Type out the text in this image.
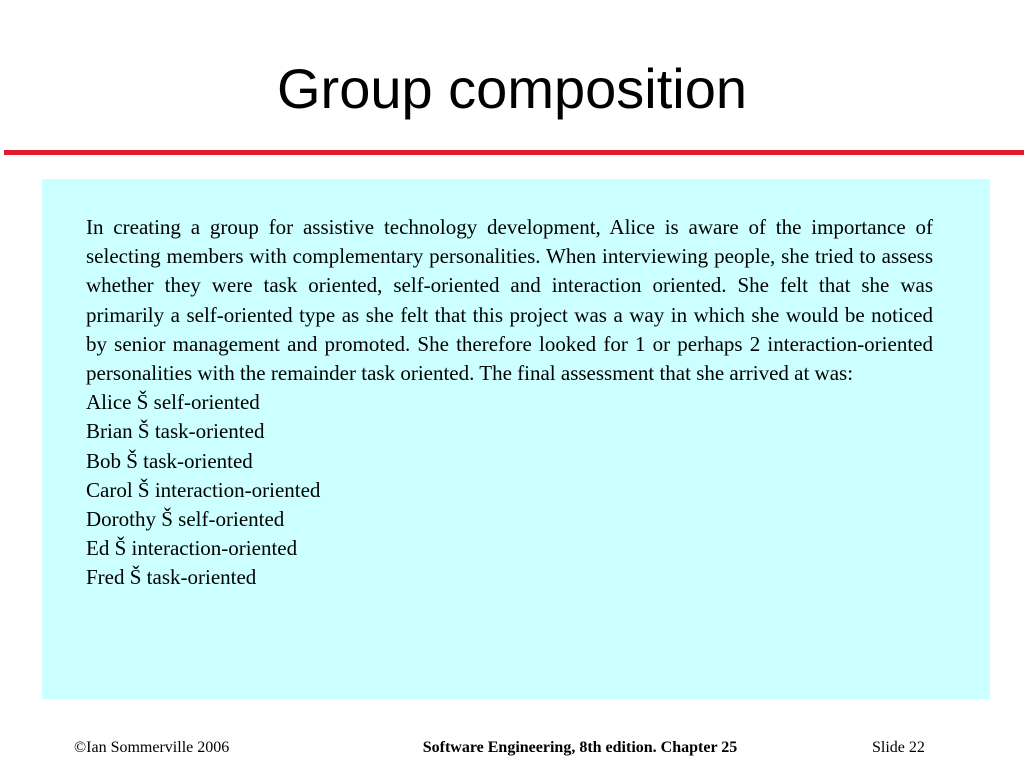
Group composition

In creating a group for assistive technology development, Alice is aware of the importance of selecting members with complementary personalities. When interviewing people, she tried to assess whether they were task oriented, self-oriented and interaction oriented. She felt that she was primarily a self-oriented type as she felt that this project was a way in which she would be noticed by senior management and promoted. She therefore looked for 1 or perhaps 2 interaction-oriented personalities with the remainder task oriented. The final assessment that she arrived at was:

Alice Š self-oriented
Brian Š task-oriented
Bob Š task-oriented
Carol Š interaction-oriented
Dorothy Š self-oriented
Ed Š interaction-oriented
Fred Š task-oriented
Software Engineering, 8th edition. Chapter 25
©Ian Sommerville 2006	Slide 22
